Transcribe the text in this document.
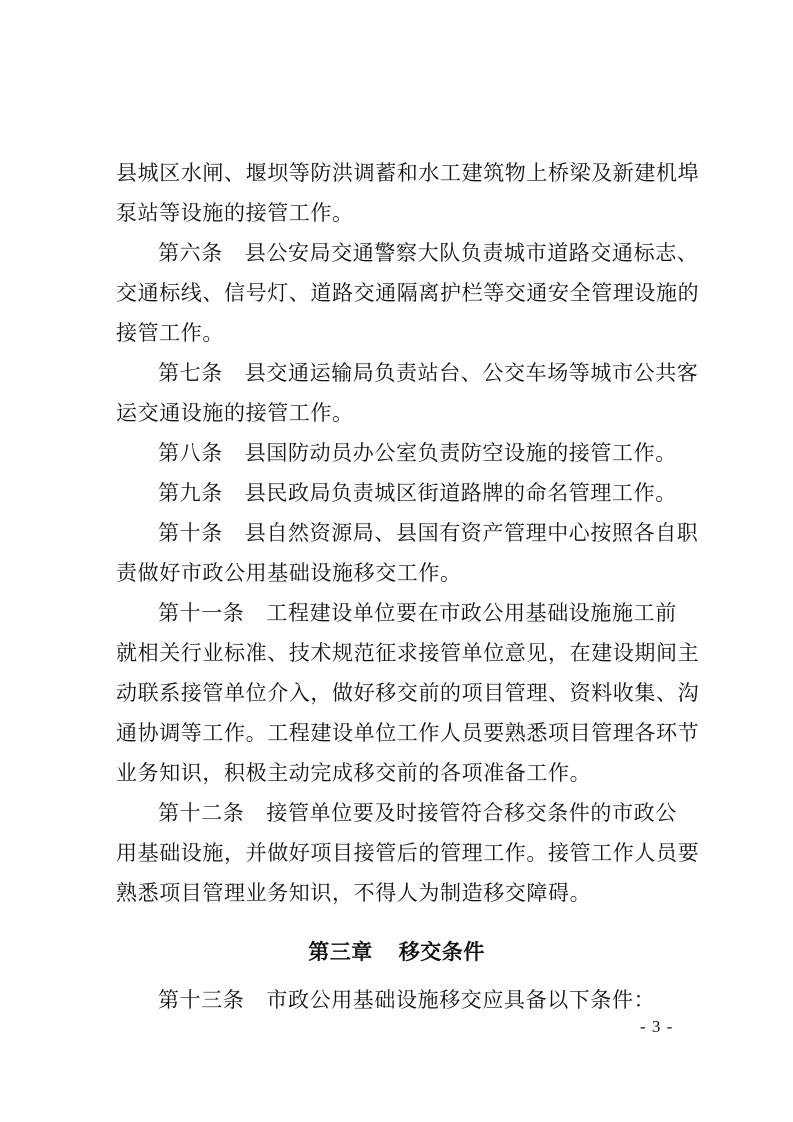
县城区水闸、堰坝等防洪调蓄和水工建筑物上桥梁及新建机埠
泵站等设施的接管工作。
第六条 县公安局交通警察大队负责城市道路交通标志、
交通标线、信号灯、道路交通隔离护栏等交通安全管理设施的
接管工作。
第七条 县交通运输局负责站台、公交车场等城市公共客
运交通设施的接管工作。
第八条 县国防动员办公室负责防空设施的接管工作。
第九条 县民政局负责城区街道路牌的命名管理工作。
第十条 县自然资源局、县国有资产管理中心按照各自职
责做好市政公用基础设施移交工作。
第十一条 工程建设单位要在市政公用基础设施施工前
就相关行业标准、技术规范征求接管单位意见，在建设期间主
动联系接管单位介入，做好移交前的项目管理、资料收集、沟
通协调等工作。工程建设单位工作人员要熟悉项目管理各环节
业务知识，积极主动完成移交前的各项准备工作。
第十二条 接管单位要及时接管符合移交条件的市政公
用基础设施，并做好项目接管后的管理工作。接管工作人员要
熟悉项目管理业务知识，不得人为制造移交障碍。
第三章 移交条件
第十三条 市政公用基础设施移交应具备以下条件：
- 3 -
